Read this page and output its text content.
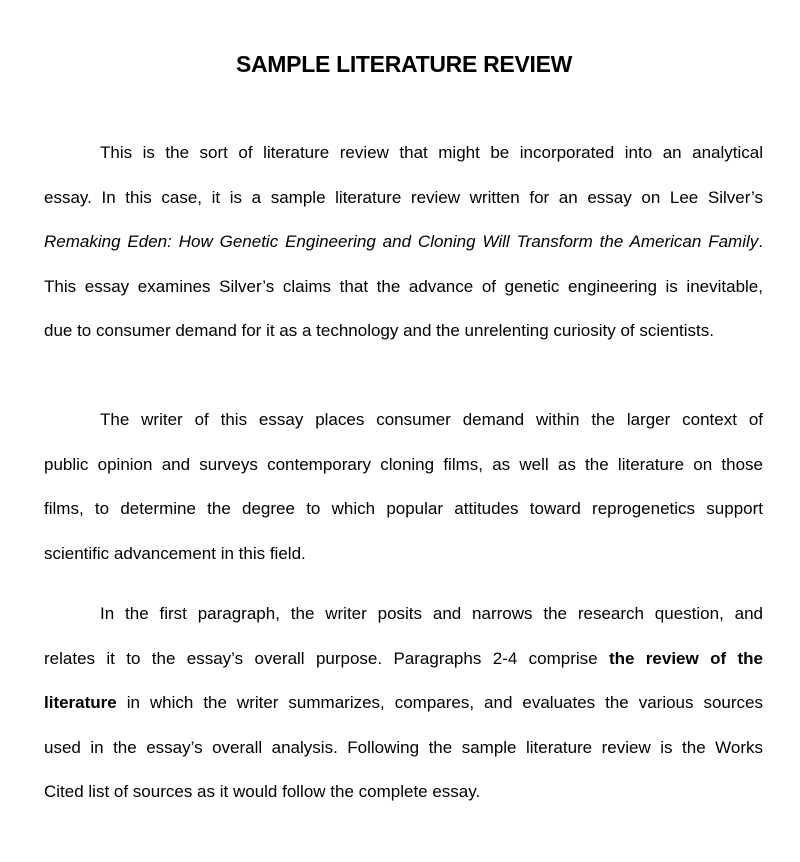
SAMPLE LITERATURE REVIEW
This is the sort of literature review that might be incorporated into an analytical
essay. In this case, it is a sample literature review written for an essay on Lee Silver’s
Remaking Eden: How Genetic Engineering and Cloning Will Transform the American Family.
This essay examines Silver’s claims that the advance of genetic engineering is inevitable,
due to consumer demand for it as a technology and the unrelenting curiosity of scientists.
The writer of this essay places consumer demand within the larger context of
public opinion and surveys contemporary cloning films, as well as the literature on those
films, to determine the degree to which popular attitudes toward reprogenetics support
scientific advancement in this field.
In the first paragraph, the writer posits and narrows the research question, and
relates it to the essay’s overall purpose. Paragraphs 2-4 comprise the review of the
literature in which the writer summarizes, compares, and evaluates the various sources
used in the essay’s overall analysis. Following the sample literature review is the Works
Cited list of sources as it would follow the complete essay.
